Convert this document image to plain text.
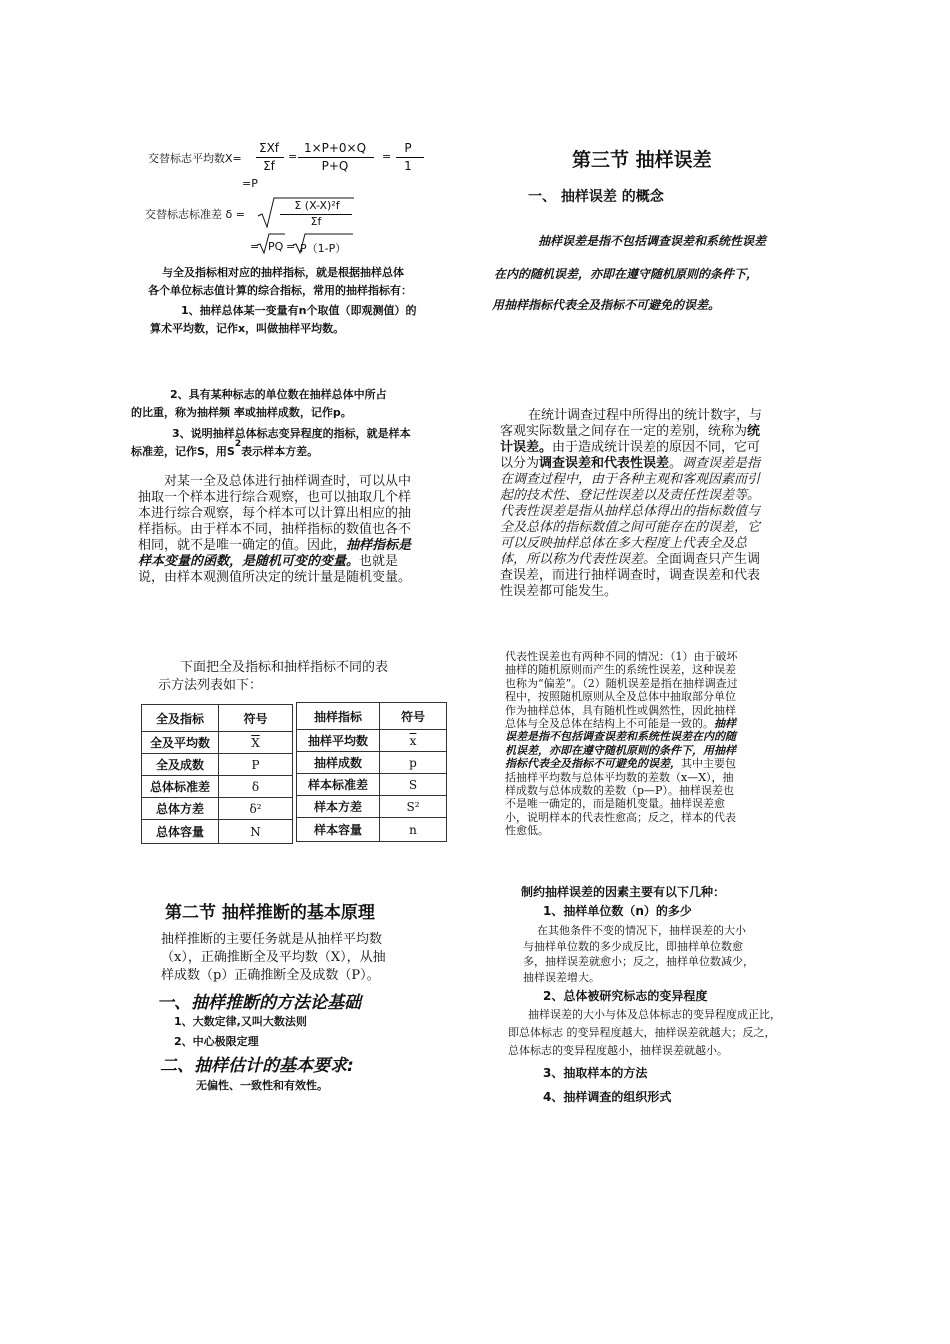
交替标志平均数X=
ΣXf
Σf
=
1×P+0×Q
P+Q
=
P
1
=P
交替标志标准差 δ =
Σ (X-X)²f
Σf
= PQ = P（1-P）
与全及指标相对应的抽样指标，就是根据抽样总体
各个单位标志值计算的综合指标，常用的抽样指标有：
1、抽样总体某一变量有n个取值（即观测值）的
算术平均数，记作x，叫做抽样平均数。
2、具有某种标志的单位数在抽样总体中所占
的比重，称为抽样频 率或抽样成数，记作p。
3、说明抽样总体标志变异程度的指标，就是样本
标准差，记作S，用$S^2$表示样本方差。
对某一全及总体进行抽样调查时，可以从中
抽取一个样本进行综合观察，也可以抽取几个样
本进行综合观察，每个样本可以计算出相应的抽
样指标。由于样本不同，抽样指标的数值也各不
相同，就不是唯一确定的值。因此，抽样指标是
样本变量的函数，是随机可变的变量。也就是
说，由样本观测值所决定的统计量是随机变量。
下面把全及指标和抽样指标不同的表
示方法列表如下：
全及指标	符号
全及平均数	$\overline{X}$
全及成数	P
总体标准差	δ
总体方差	δ²
总体容量	N
抽样指标	符号
抽样平均数	$\overline{x}$
抽样成数	p
样本标准差	S
样本方差	S²
样本容量	n
第二节 抽样推断的基本原理
抽样推断的主要任务就是从抽样平均数
（x），正确推断全及平均数（X），从抽
样成数（p）正确推断全及成数（P）。
一、抽样推断的方法论基础
1、大数定律,又叫大数法则
2、中心极限定理
二、抽样估计的基本要求:
无偏性、一致性和有效性。
第三节 抽样误差
一、 抽样误差 的概念
抽样误差是指不包括调查误差和系统性误差
在内的随机误差，亦即在遵守随机原则的条件下，
用抽样指标代表全及指标不可避免的误差。
在统计调查过程中所得出的统计数字，与
客观实际数量之间存在一定的差别，统称为统
计误差。由于造成统计误差的原因不同，它可
以分为调查误差和代表性误差。调查误差是指
在调查过程中，由于各种主观和客观因素而引
起的技术性、登记性误差以及责任性误差等。
代表性误差是指从抽样总体得出的指标数值与
全及总体的指标数值之间可能存在的误差，它
可以反映抽样总体在多大程度上代表全及总
体，所以称为代表性误差。全面调查只产生调
查误差，而进行抽样调查时，调查误差和代表
性误差都可能发生。
代表性误差也有两种不同的情况：（1）由于破坏
抽样的随机原则而产生的系统性误差，这种误差
也称为“偏差”。（2）随机误差是指在抽样调查过
程中，按照随机原则从全及总体中抽取部分单位
作为抽样总体，具有随机性或偶然性，因此抽样
总体与全及总体在结构上不可能是一致的。抽样
误差是指不包括调查误差和系统性误差在内的随
机误差，亦即在遵守随机原则的条件下，用抽样
指标代表全及指标不可避免的误差，其中主要包
括抽样平均数与总体平均数的差数（x—X），抽
样成数与总体成数的差数（p—P）。抽样误差也
不是唯一确定的，而是随机变量。抽样误差愈
小，说明样本的代表性愈高；反之，样本的代表
性愈低。
制约抽样误差的因素主要有以下几种：
1、抽样单位数（n）的多少
在其他条件不变的情况下，抽样误差的大小
与抽样单位数的多少成反比，即抽样单位数愈
多，抽样误差就愈小；反之，抽样单位数减少，
抽样误差增大。
2、总体被研究标志的变异程度
抽样误差的大小与体及总体标志的变异程度成正比，
即总体标志 的变异程度越大，抽样误差就越大；反之，
总体标志的变异程度越小，抽样误差就越小。
3、抽取样本的方法
4、抽样调查的组织形式
